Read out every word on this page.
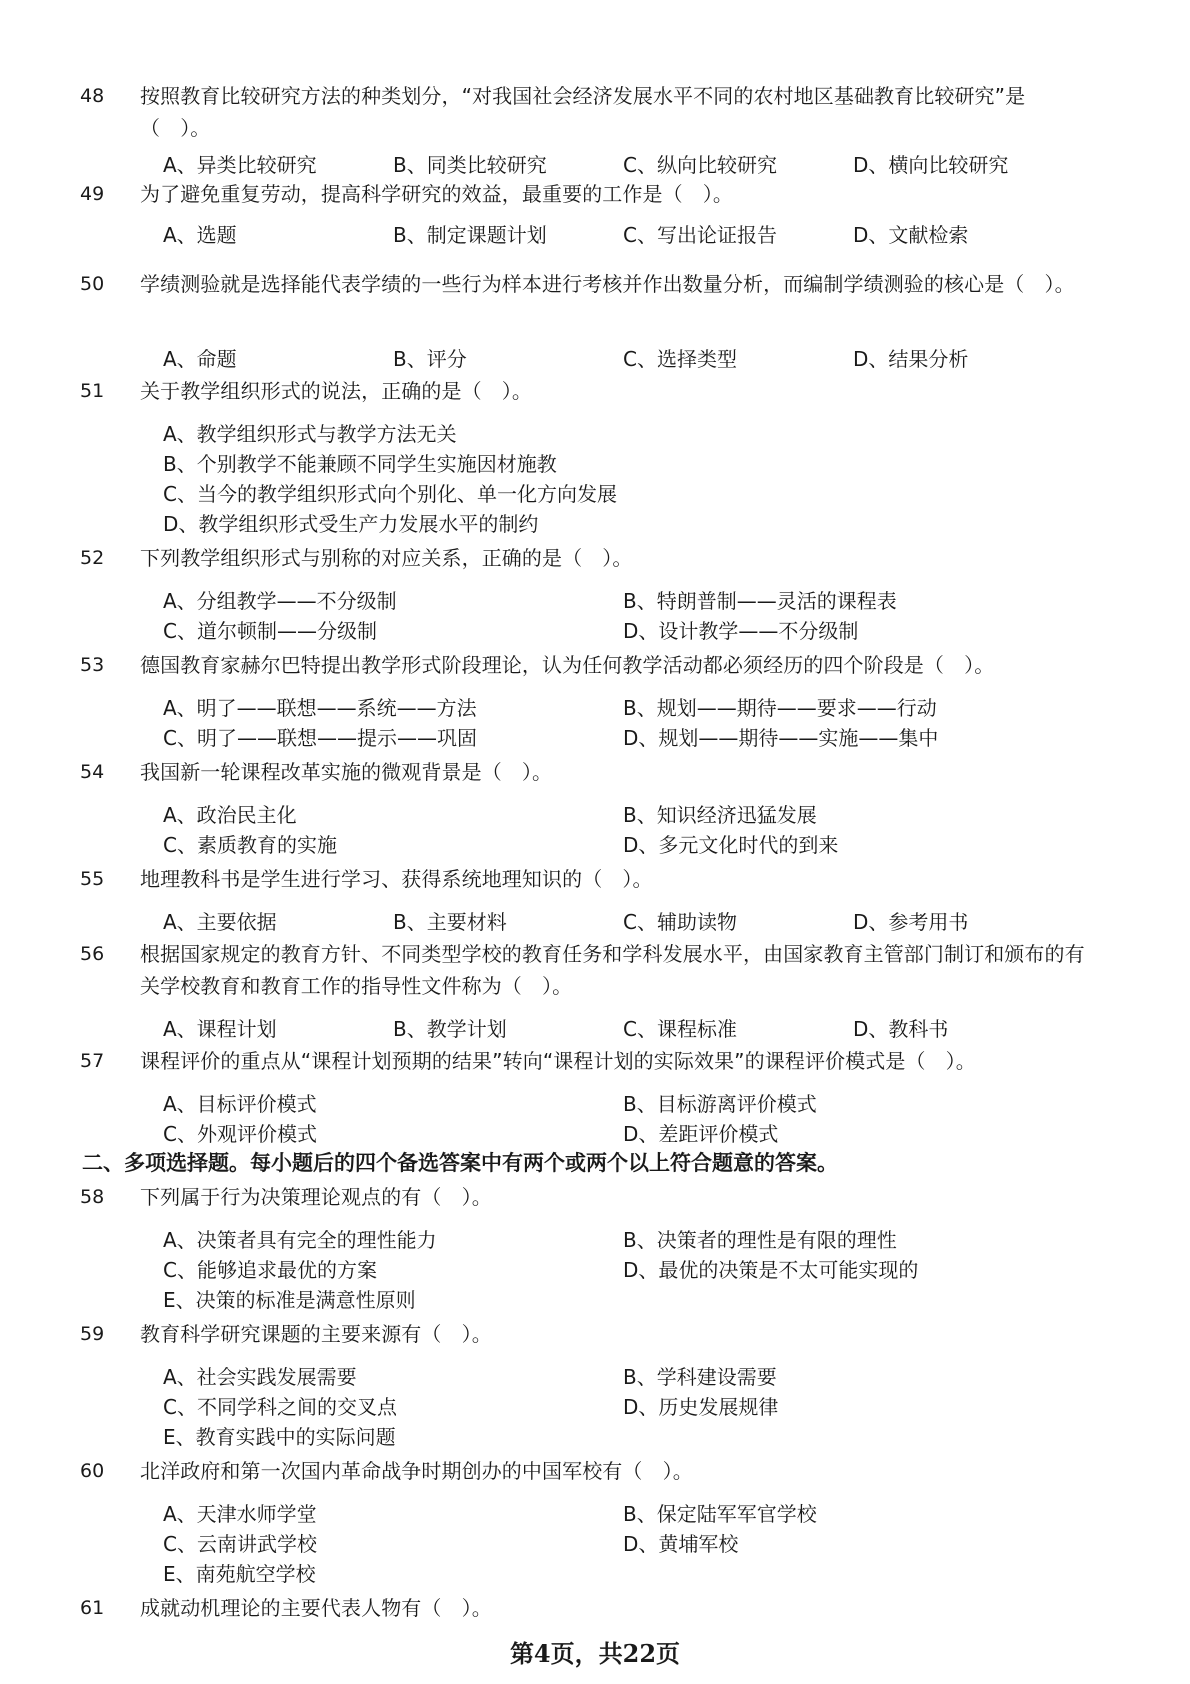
48	按照教育比较研究方法的种类划分，“对我国社会经济发展水平不同的农村地区基础教育比较研究”是（　）。
A、异类比较研究	B、同类比较研究	C、纵向比较研究	D、横向比较研究
49	为了避免重复劳动，提高科学研究的效益，最重要的工作是（　）。
A、选题	B、制定课题计划	C、写出论证报告	D、文献检索
50	学绩测验就是选择能代表学绩的一些行为样本进行考核并作出数量分析，而编制学绩测验的核心是（　）。
A、命题	B、评分	C、选择类型	D、结果分析
51	关于教学组织形式的说法，正确的是（　）。
A、教学组织形式与教学方法无关
B、个别教学不能兼顾不同学生实施因材施教
C、当今的教学组织形式向个别化、单一化方向发展
D、教学组织形式受生产力发展水平的制约
52	下列教学组织形式与别称的对应关系，正确的是（　）。
A、分组教学——不分级制	B、特朗普制——灵活的课程表
C、道尔顿制——分级制	D、设计教学——不分级制
53	德国教育家赫尔巴特提出教学形式阶段理论，认为任何教学活动都必须经历的四个阶段是（　）。
A、明了——联想——系统——方法	B、规划——期待——要求——行动
C、明了——联想——提示——巩固	D、规划——期待——实施——集中
54	我国新一轮课程改革实施的微观背景是（　）。
A、政治民主化	B、知识经济迅猛发展
C、素质教育的实施	D、多元文化时代的到来
55	地理教科书是学生进行学习、获得系统地理知识的（　）。
A、主要依据	B、主要材料	C、辅助读物	D、参考用书
56	根据国家规定的教育方针、不同类型学校的教育任务和学科发展水平，由国家教育主管部门制订和颁布的有关学校教育和教育工作的指导性文件称为（　）。
A、课程计划	B、教学计划	C、课程标准	D、教科书
57	课程评价的重点从“课程计划预期的结果”转向“课程计划的实际效果”的课程评价模式是（　）。
A、目标评价模式	B、目标游离评价模式
C、外观评价模式	D、差距评价模式
二、多项选择题。每小题后的四个备选答案中有两个或两个以上符合题意的答案。
58	下列属于行为决策理论观点的有（　）。
A、决策者具有完全的理性能力	B、决策者的理性是有限的理性
C、能够追求最优的方案	D、最优的决策是不太可能实现的
E、决策的标准是满意性原则
59	教育科学研究课题的主要来源有（　）。
A、社会实践发展需要	B、学科建设需要
C、不同学科之间的交叉点	D、历史发展规律
E、教育实践中的实际问题
60	北洋政府和第一次国内革命战争时期创办的中国军校有（　）。
A、天津水师学堂	B、保定陆军军官学校
C、云南讲武学校	D、黄埔军校
E、南苑航空学校
61	成就动机理论的主要代表人物有（　）。
第4页，共22页
